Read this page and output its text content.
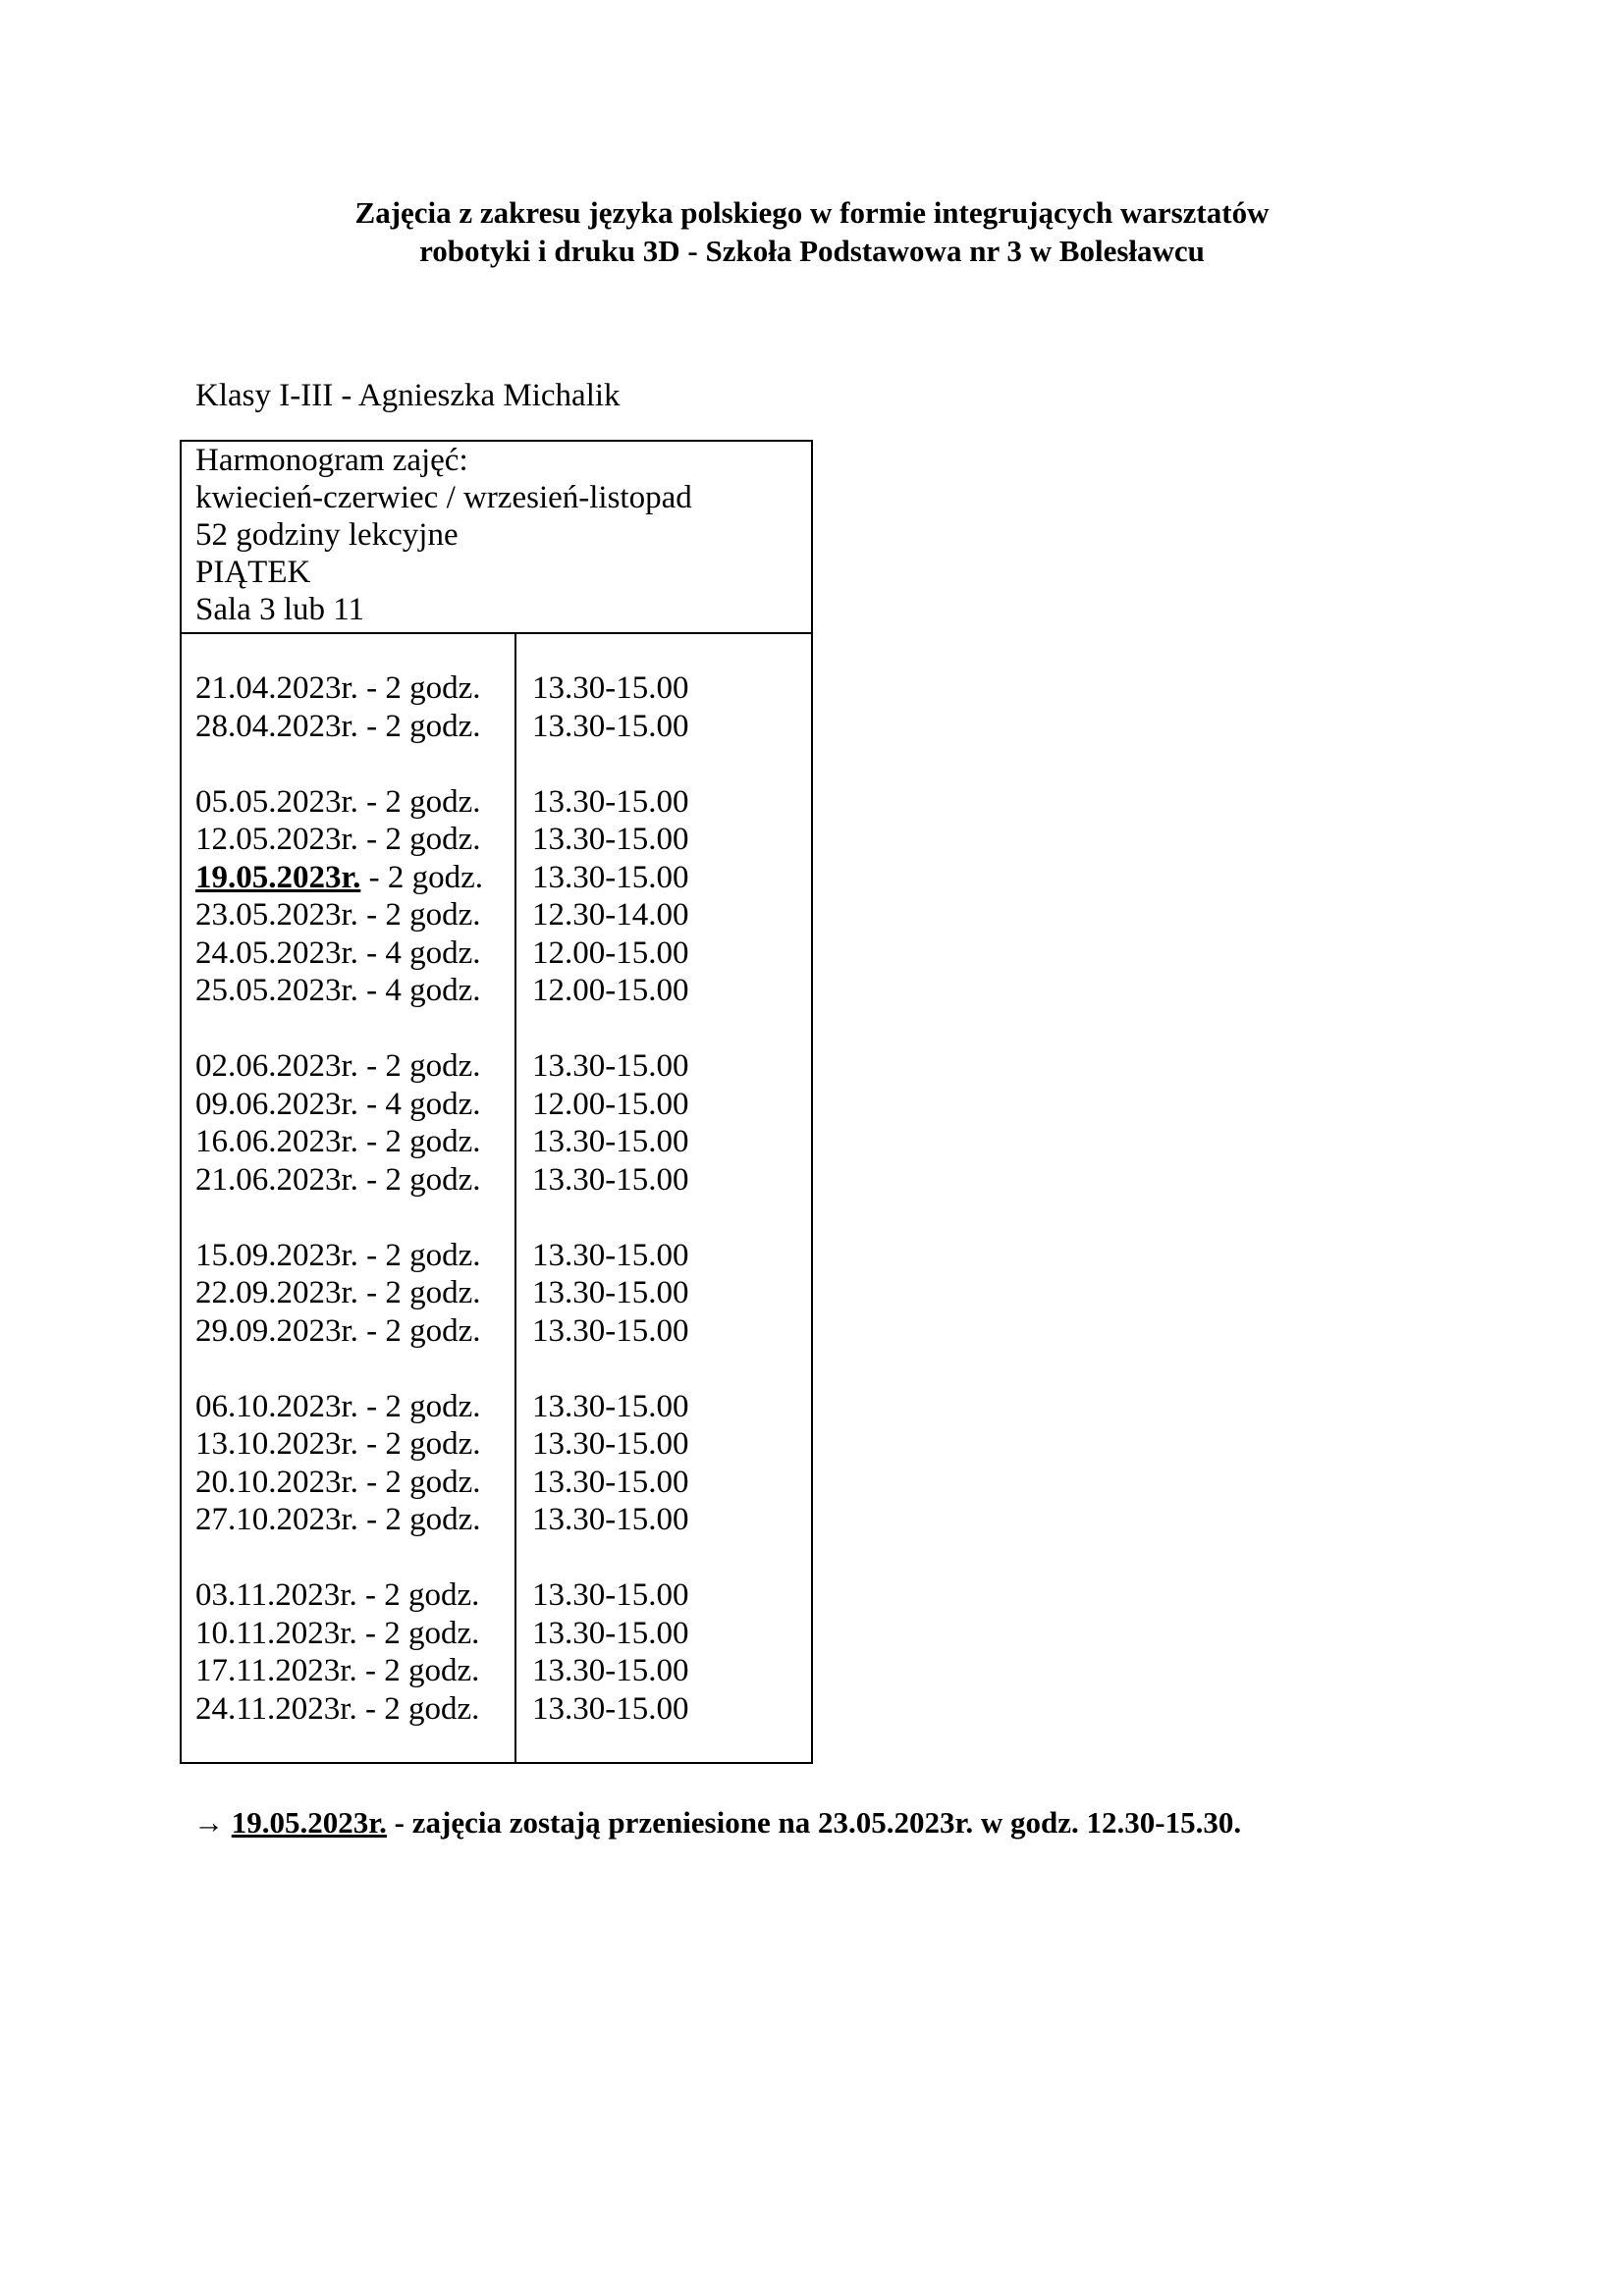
Zajęcia z zakresu języka polskiego w formie integrujących warsztatów
robotyki i druku 3D - Szkoła Podstawowa nr 3 w Bolesławcu
Klasy I-III - Agnieszka Michalik
Harmonogram zajęć:
kwiecień-czerwiec / wrzesień-listopad
52 godziny lekcyjne
PIĄTEK
Sala 3 lub 11
21.04.2023r. - 2 godz. 13.30-15.00
28.04.2023r. - 2 godz. 13.30-15.00
05.05.2023r. - 2 godz. 13.30-15.00
12.05.2023r. - 2 godz. 13.30-15.00
19.05.2023r. - 2 godz. 13.30-15.00
23.05.2023r. - 2 godz. 12.30-14.00
24.05.2023r. - 4 godz. 12.00-15.00
25.05.2023r. - 4 godz. 12.00-15.00
02.06.2023r. - 2 godz. 13.30-15.00
09.06.2023r. - 4 godz. 12.00-15.00
16.06.2023r. - 2 godz. 13.30-15.00
21.06.2023r. - 2 godz. 13.30-15.00
15.09.2023r. - 2 godz. 13.30-15.00
22.09.2023r. - 2 godz. 13.30-15.00
29.09.2023r. - 2 godz. 13.30-15.00
06.10.2023r. - 2 godz. 13.30-15.00
13.10.2023r. - 2 godz. 13.30-15.00
20.10.2023r. - 2 godz. 13.30-15.00
27.10.2023r. - 2 godz. 13.30-15.00
03.11.2023r. - 2 godz. 13.30-15.00
10.11.2023r. - 2 godz. 13.30-15.00
17.11.2023r. - 2 godz. 13.30-15.00
24.11.2023r. - 2 godz. 13.30-15.00
→ 19.05.2023r. - zajęcia zostają przeniesione na 23.05.2023r. w godz. 12.30-15.30.
